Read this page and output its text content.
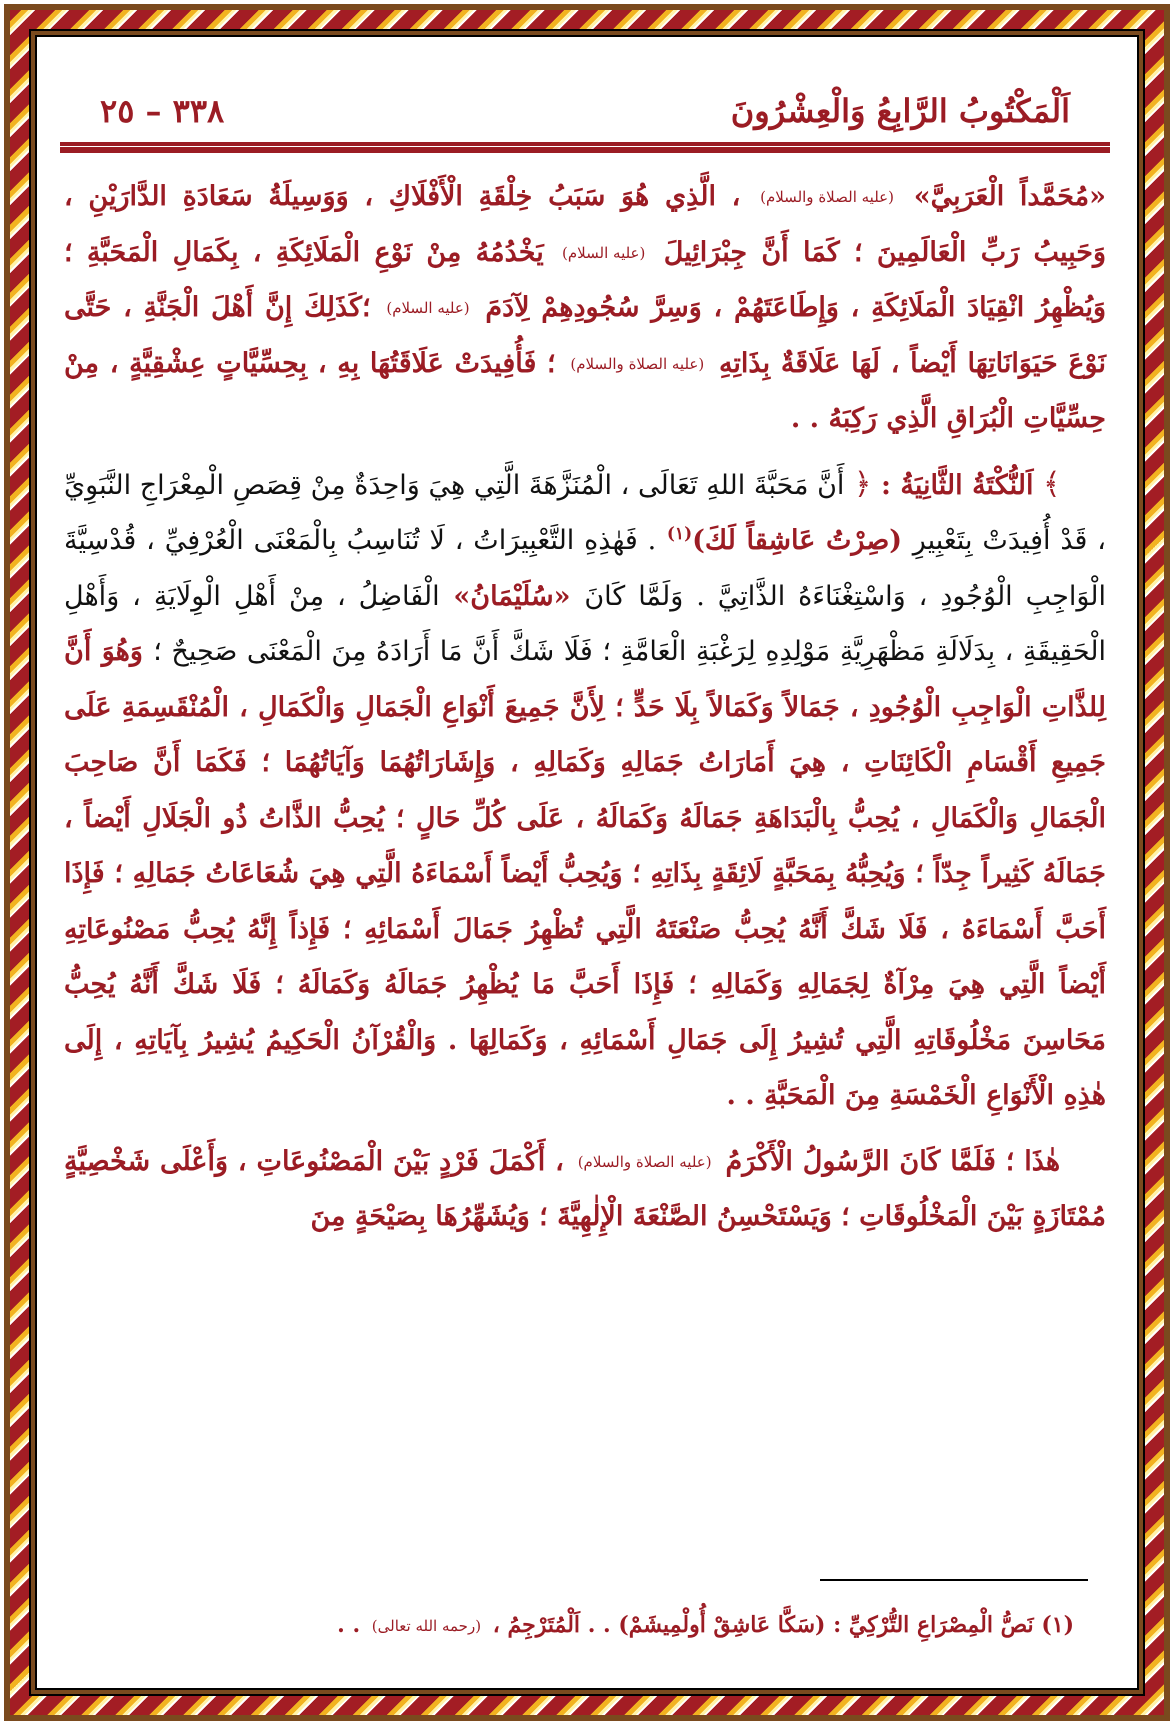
اَلْمَكْتُوبُ الرَّابِعُ وَالْعِشْرُونَ
٣٣٨ – ٢٥

«مُحَمَّداً الْعَرَبِيَّ» (عليه الصلاة والسلام) ، الَّذِي هُوَ سَبَبُ خِلْقَةِ الْأَفْلَاكِ ، وَوَسِيلَةُ سَعَادَةِ الدَّارَيْنِ ، وَحَبِيبُ رَبِّ الْعَالَمِينَ ؛ كَمَا أَنَّ جِبْرَائِيلَ (عليه السلام) يَخْدُمُهُ مِنْ نَوْعِ الْمَلَائِكَةِ ، بِكَمَالِ الْمَحَبَّةِ ؛ وَيُظْهِرُ انْقِيَادَ الْمَلَائِكَةِ ، وَإِطَاعَتَهُمْ ، وَسِرَّ سُجُودِهِمْ لِآدَمَ (عليه السلام) ؛كَذَلِكَ إِنَّ أَهْلَ الْجَنَّةِ ، حَتَّى نَوْعَ حَيَوَانَاتِهَا أَيْضاً ، لَهَا عَلَاقَةٌ بِذَاتِهِ (عليه الصلاة والسلام) ؛ فَأُفِيدَتْ عَلَاقَتُهَا بِهِ ، بِحِسِّيَّاتٍ عِشْقِيَّةٍ ، مِنْ حِسِّيَّاتِ الْبُرَاقِ الَّذِي رَكِبَهُ . .

﴾ اَلنُّكْتَةُ الثَّانِيَةُ : ﴿ أَنَّ مَحَبَّةَ اللهِ تَعَالَى ، الْمُنَزَّهَةَ الَّتِي هِيَ وَاحِدَةٌ مِنْ قِصَصِ الْمِعْرَاجِ النَّبَوِيِّ ، قَدْ أُفِيدَتْ بِتَعْبِيرِ (صِرْتُ عَاشِقاً لَكَ)$^{(١)}$ . فَهٰذِهِ التَّعْبِيرَاتُ ، لَا تُنَاسِبُ بِالْمَعْنَى الْعُرْفِيِّ ، قُدْسِيَّةَ الْوَاجِبِ الْوُجُودِ ، وَاسْتِغْنَاءَهُ الذَّاتِيَّ . وَلَمَّا كَانَ «سُلَيْمَانُ» الْفَاضِلُ ، مِنْ أَهْلِ الْوِلَايَةِ ، وَأَهْلِ الْحَقِيقَةِ ، بِدَلَالَةِ مَظْهَرِيَّةِ مَوْلِدِهِ لِرَغْبَةِ الْعَامَّةِ ؛ فَلَا شَكَّ أَنَّ مَا أَرَادَهُ مِنَ الْمَعْنَى صَحِيحٌ ؛ وَهُوَ أَنَّ لِلذَّاتِ الْوَاجِبِ الْوُجُودِ ، جَمَالاً وَكَمَالاً بِلَا حَدٍّ ؛ لِأَنَّ جَمِيعَ أَنْوَاعِ الْجَمَالِ وَالْكَمَالِ ، الْمُنْقَسِمَةِ عَلَى جَمِيعِ أَقْسَامِ الْكَائِنَاتِ ، هِيَ أَمَارَاتُ جَمَالِهِ وَكَمَالِهِ ، وَإِشَارَاتُهُمَا وَآيَاتُهُمَا ؛ فَكَمَا أَنَّ صَاحِبَ الْجَمَالِ وَالْكَمَالِ ، يُحِبُّ بِالْبَدَاهَةِ جَمَالَهُ وَكَمَالَهُ ، عَلَى كُلِّ حَالٍ ؛ يُحِبُّ الذَّاتُ ذُو الْجَلَالِ أَيْضاً ، جَمَالَهُ كَثِيراً جِدّاً ؛ وَيُحِبُّهُ بِمَحَبَّةٍ لَائِقَةٍ بِذَاتِهِ ؛ وَيُحِبُّ أَيْضاً أَسْمَاءَهُ الَّتِي هِيَ شُعَاعَاتُ جَمَالِهِ ؛ فَإِذَا أَحَبَّ أَسْمَاءَهُ ، فَلَا شَكَّ أَنَّهُ يُحِبُّ صَنْعَتَهُ الَّتِي تُظْهِرُ جَمَالَ أَسْمَائِهِ ؛ فَإِذاً إِنَّهُ يُحِبُّ مَصْنُوعَاتِهِ أَيْضاً الَّتِي هِيَ مِرْآةٌ لِجَمَالِهِ وَكَمَالِهِ ؛ فَإِذَا أَحَبَّ مَا يُظْهِرُ جَمَالَهُ وَكَمَالَهُ ؛ فَلَا شَكَّ أَنَّهُ يُحِبُّ مَحَاسِنَ مَخْلُوقَاتِهِ الَّتِي تُشِيرُ إِلَى جَمَالِ أَسْمَائِهِ ، وَكَمَالِهَا . وَالْقُرْآنُ الْحَكِيمُ يُشِيرُ بِآيَاتِهِ ، إِلَى هٰذِهِ الْأَنْوَاعِ الْخَمْسَةِ مِنَ الْمَحَبَّةِ . .

هٰذَا ؛ فَلَمَّا كَانَ الرَّسُولُ الْأَكْرَمُ (عليه الصلاة والسلام) ، أَكْمَلَ فَرْدٍ بَيْنَ الْمَصْنُوعَاتِ ، وَأَعْلَى شَخْصِيَّةٍ مُمْتَازَةٍ بَيْنَ الْمَخْلُوقَاتِ ؛ وَيَسْتَحْسِنُ الصَّنْعَةَ الْإِلٰهِيَّةَ ؛ وَيُشَهِّرُهَا بِصَيْحَةٍ مِنَ

(١) نَصُّ الْمِصْرَاعِ التُّرْكِيِّ : (سَكَّا عَاشِقْ أُولْمِيشَمْ) . . اَلْمُتَرْجِمُ ، (رحمه الله تعالى) . .
